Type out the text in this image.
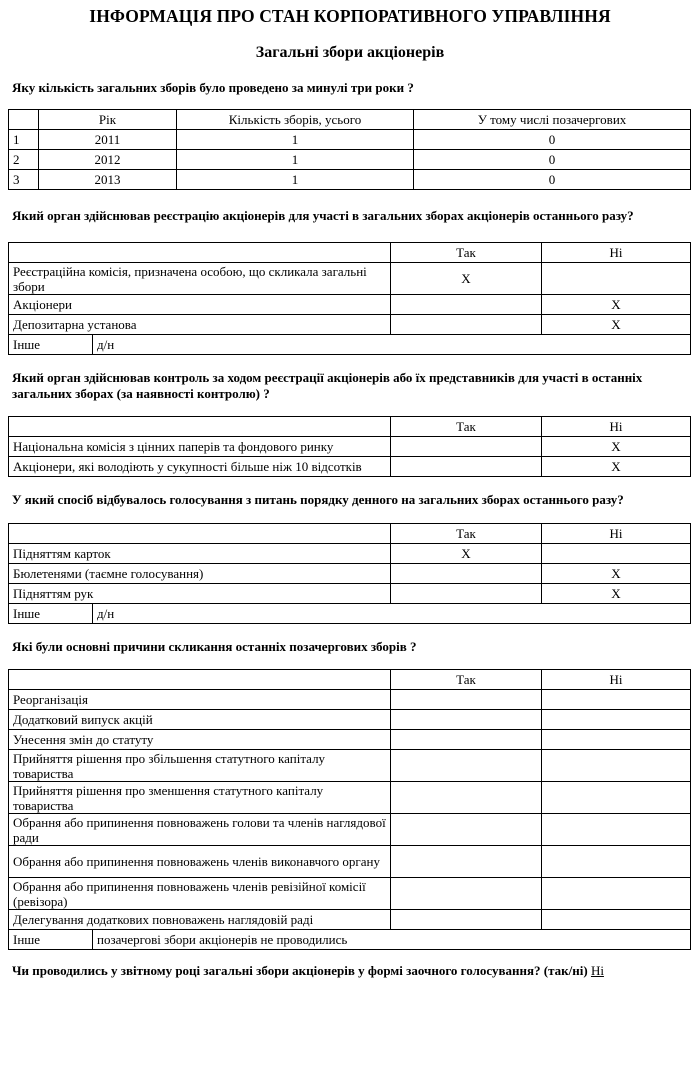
ІНФОРМАЦІЯ ПРО СТАН КОРПОРАТИВНОГО УПРАВЛІННЯ
Загальні збори акціонерів
Яку кількість загальних зборів було проведено за минулі три роки ?
	Рік	Кількість зборів, усього	У тому числі позачергових
1	2011	1	0
2	2012	1	0
3	2013	1	0
Який орган здійснював реєстрацію акціонерів для участі в загальних зборах акціонерів останнього разу?
		Так	Ні
Реєстраційна комісія, призначена особою, що скликала загальні збори		X	
Акціонери			X
Депозитарна установа			X
Інше	д/н		
Який орган здійснював контроль за ходом реєстрації акціонерів або їх представників для участі в останніх загальних зборах (за наявності контролю) ?
	Так	Ні
Національна комісія з цінних паперів та фондового ринку		X
Акціонери, які володіють у сукупності більше ніж 10 відсотків		X
У який спосіб відбувалось голосування з питань порядку денного на загальних зборах останнього разу?
		Так	Ні
Підняттям карток		X	
Бюлетенями (таємне голосування)			X
Підняттям рук			X
Інше	д/н		
Які були основні причини скликання останніх позачергових зборів ?
		Так	Ні
Реорганізація			
Додатковий випуск акцій			
Унесення змін до статуту			
Прийняття рішення про збільшення статутного капіталу товариства			
Прийняття рішення про зменшення статутного капіталу товариства			
Обрання або припинення повноважень голови та членів наглядової ради			
Обрання або припинення повноважень членів виконавчого органу			
Обрання або припинення повноважень членів ревізійної комісії (ревізора)			
Делегування додаткових повноважень наглядовій раді			
Інше	позачергові збори акціонерів не проводились		
Чи проводились у звітному році загальні збори акціонерів у формі заочного голосування? (так/ні) Ні
